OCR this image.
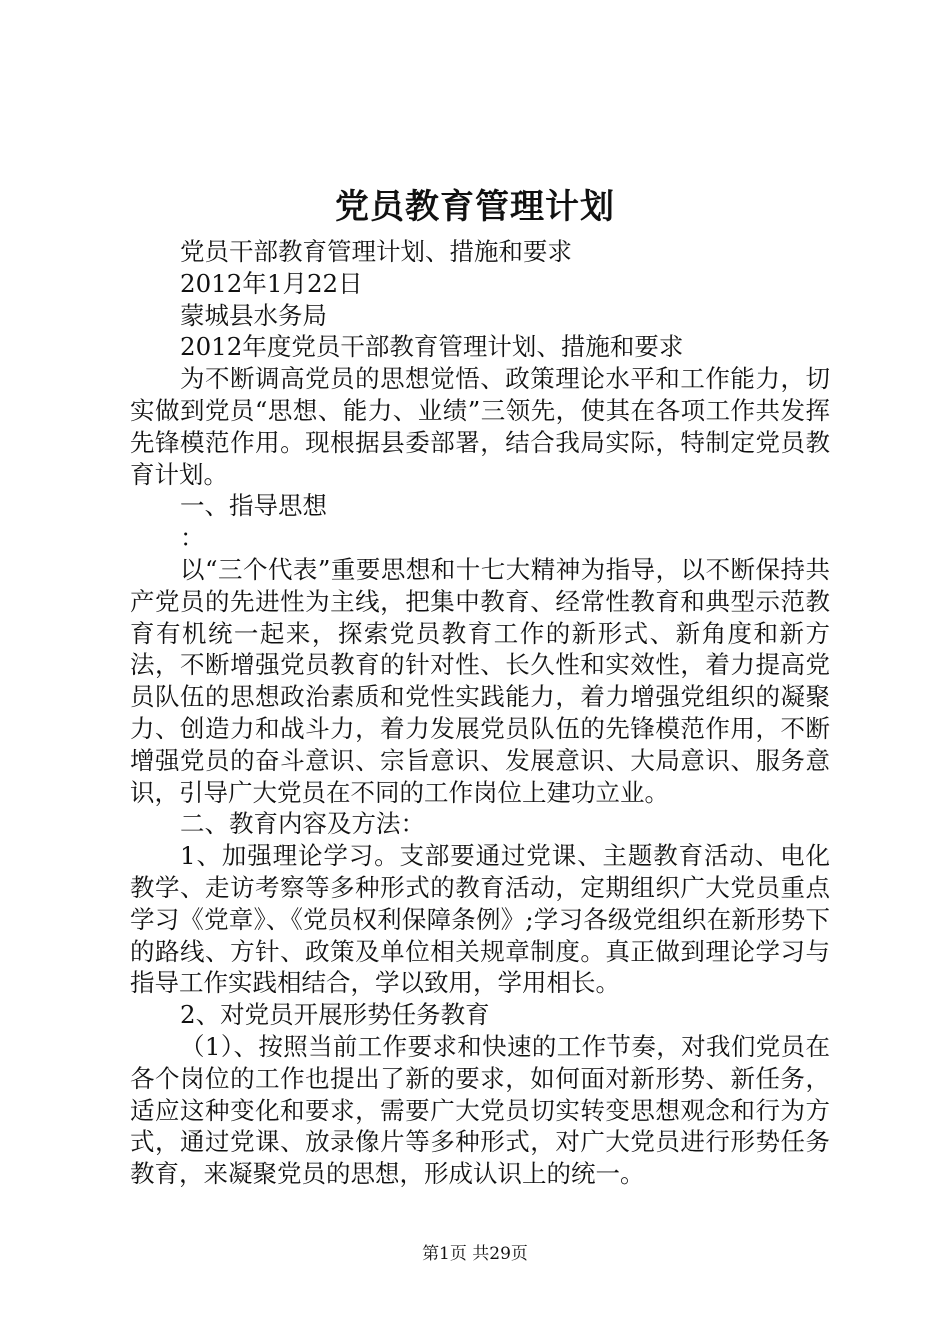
党员教育管理计划

党员干部教育管理计划、措施和要求

2012年1月22日

蒙城县水务局

2012年度党员干部教育管理计划、措施和要求

为不断调高党员的思想觉悟、政策理论水平和工作能力，切实做到党员“思想、能力、业绩”三领先，使其在各项工作共发挥先锋模范作用。现根据县委部署，结合我局实际，特制定党员教育计划。

一、指导思想

：

以“三个代表”重要思想和十七大精神为指导，以不断保持共产党员的先进性为主线，把集中教育、经常性教育和典型示范教育有机统一起来，探索党员教育工作的新形式、新角度和新方法，不断增强党员教育的针对性、长久性和实效性，着力提高党员队伍的思想政治素质和党性实践能力，着力增强党组织的凝聚力、创造力和战斗力，着力发展党员队伍的先锋模范作用，不断增强党员的奋斗意识、宗旨意识、发展意识、大局意识、服务意识，引导广大党员在不同的工作岗位上建功立业。

二、教育内容及方法：

1、加强理论学习。支部要通过党课、主题教育活动、电化教学、走访考察等多种形式的教育活动，定期组织广大党员重点学习《党章》、《党员权利保障条例》;学习各级党组织在新形势下的路线、方针、政策及单位相关规章制度。真正做到理论学习与指导工作实践相结合，学以致用，学用相长。

2、对党员开展形势任务教育

（1）、按照当前工作要求和快速的工作节奏，对我们党员在各个岗位的工作也提出了新的要求，如何面对新形势、新任务，适应这种变化和要求，需要广大党员切实转变思想观念和行为方式，通过党课、放录像片等多种形式，对广大党员进行形势任务教育，来凝聚党员的思想，形成认识上的统一。

第1页 共29页
